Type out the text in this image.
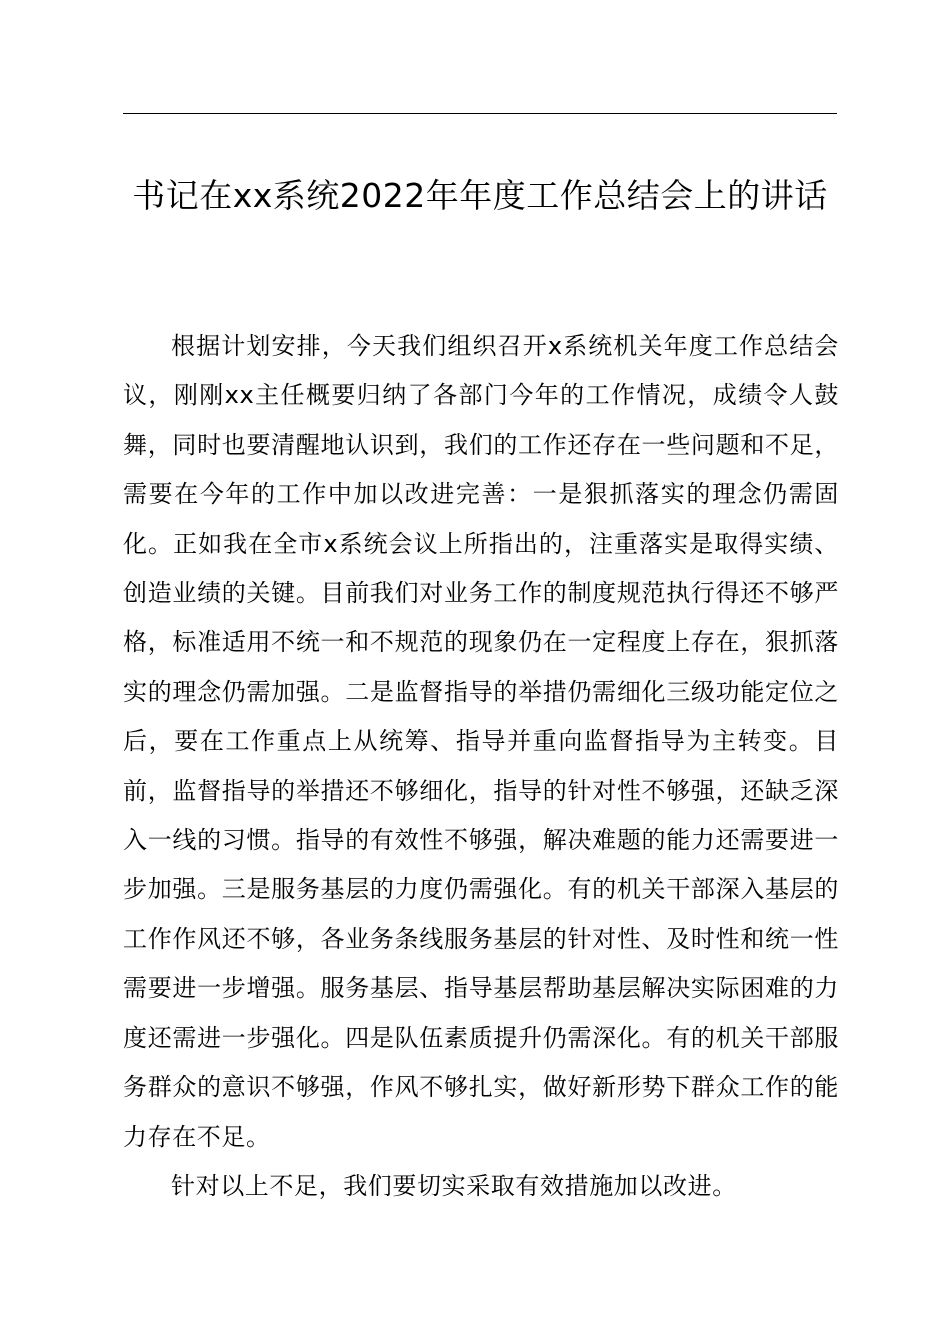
书记在xx系统2022年年度工作总结会上的讲话

根据计划安排，今天我们组织召开x系统机关年度工作总结会议，刚刚xx主任概要归纳了各部门今年的工作情况，成绩令人鼓舞，同时也要清醒地认识到，我们的工作还存在一些问题和不足，需要在今年的工作中加以改进完善：一是狠抓落实的理念仍需固化。正如我在全市x系统会议上所指出的，注重落实是取得实绩、创造业绩的关键。目前我们对业务工作的制度规范执行得还不够严格，标准适用不统一和不规范的现象仍在一定程度上存在，狠抓落实的理念仍需加强。二是监督指导的举措仍需细化三级功能定位之后，要在工作重点上从统筹、指导并重向监督指导为主转变。目前，监督指导的举措还不够细化，指导的针对性不够强，还缺乏深入一线的习惯。指导的有效性不够强，解决难题的能力还需要进一步加强。三是服务基层的力度仍需强化。有的机关干部深入基层的工作作风还不够，各业务条线服务基层的针对性、及时性和统一性需要进一步增强。服务基层、指导基层帮助基层解决实际困难的力度还需进一步强化。四是队伍素质提升仍需深化。有的机关干部服务群众的意识不够强，作风不够扎实，做好新形势下群众工作的能力存在不足。

针对以上不足，我们要切实采取有效措施加以改进。
